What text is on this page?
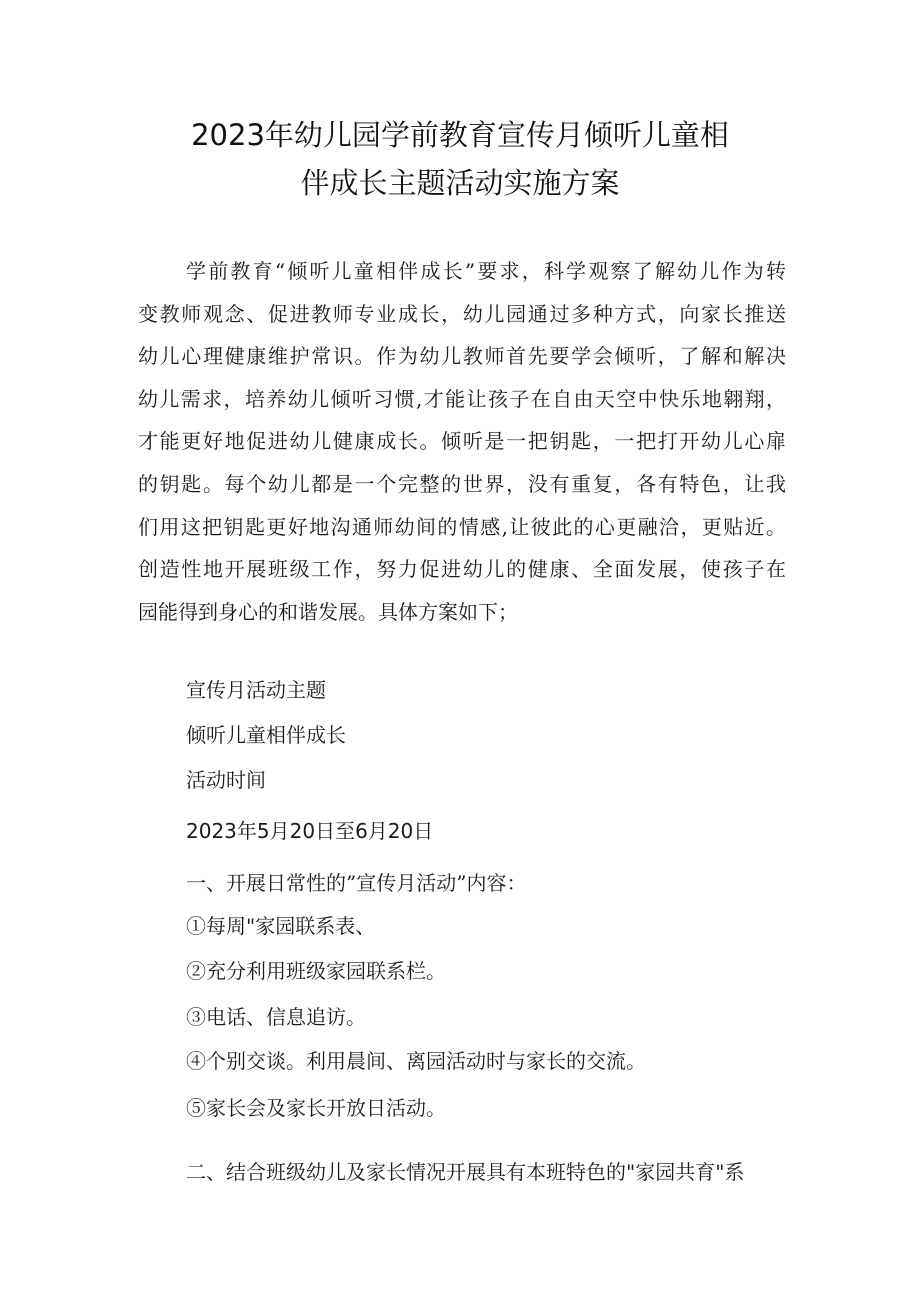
2023年幼儿园学前教育宣传月倾听儿童相
伴成长主题活动实施方案
学前教育“倾听儿童相伴成长”要求，科学观察了解幼儿作为转
变教师观念、促进教师专业成长，幼儿园通过多种方式，向家长推送
幼儿心理健康维护常识。作为幼儿教师首先要学会倾听，了解和解决
幼儿需求，培养幼儿倾听习惯,才能让孩子在自由天空中快乐地翱翔，
才能更好地促进幼儿健康成长。倾听是一把钥匙，一把打开幼儿心扉
的钥匙。每个幼儿都是一个完整的世界，没有重复，各有特色，让我
们用这把钥匙更好地沟通师幼间的情感,让彼此的心更融洽，更贴近。
创造性地开展班级工作，努力促进幼儿的健康、全面发展，使孩子在
园能得到身心的和谐发展。具体方案如下；
宣传月活动主题
倾听儿童相伴成长
活动时间
2023年5月20日至6月20日
一、开展日常性的”宣传月活动”内容：
①每周"家园联系表、
②充分利用班级家园联系栏。
③电话、信息追访。
④个别交谈。利用晨间、离园活动时与家长的交流。
⑤家长会及家长开放日活动。
二、结合班级幼儿及家长情况开展具有本班特色的"家园共育"系
